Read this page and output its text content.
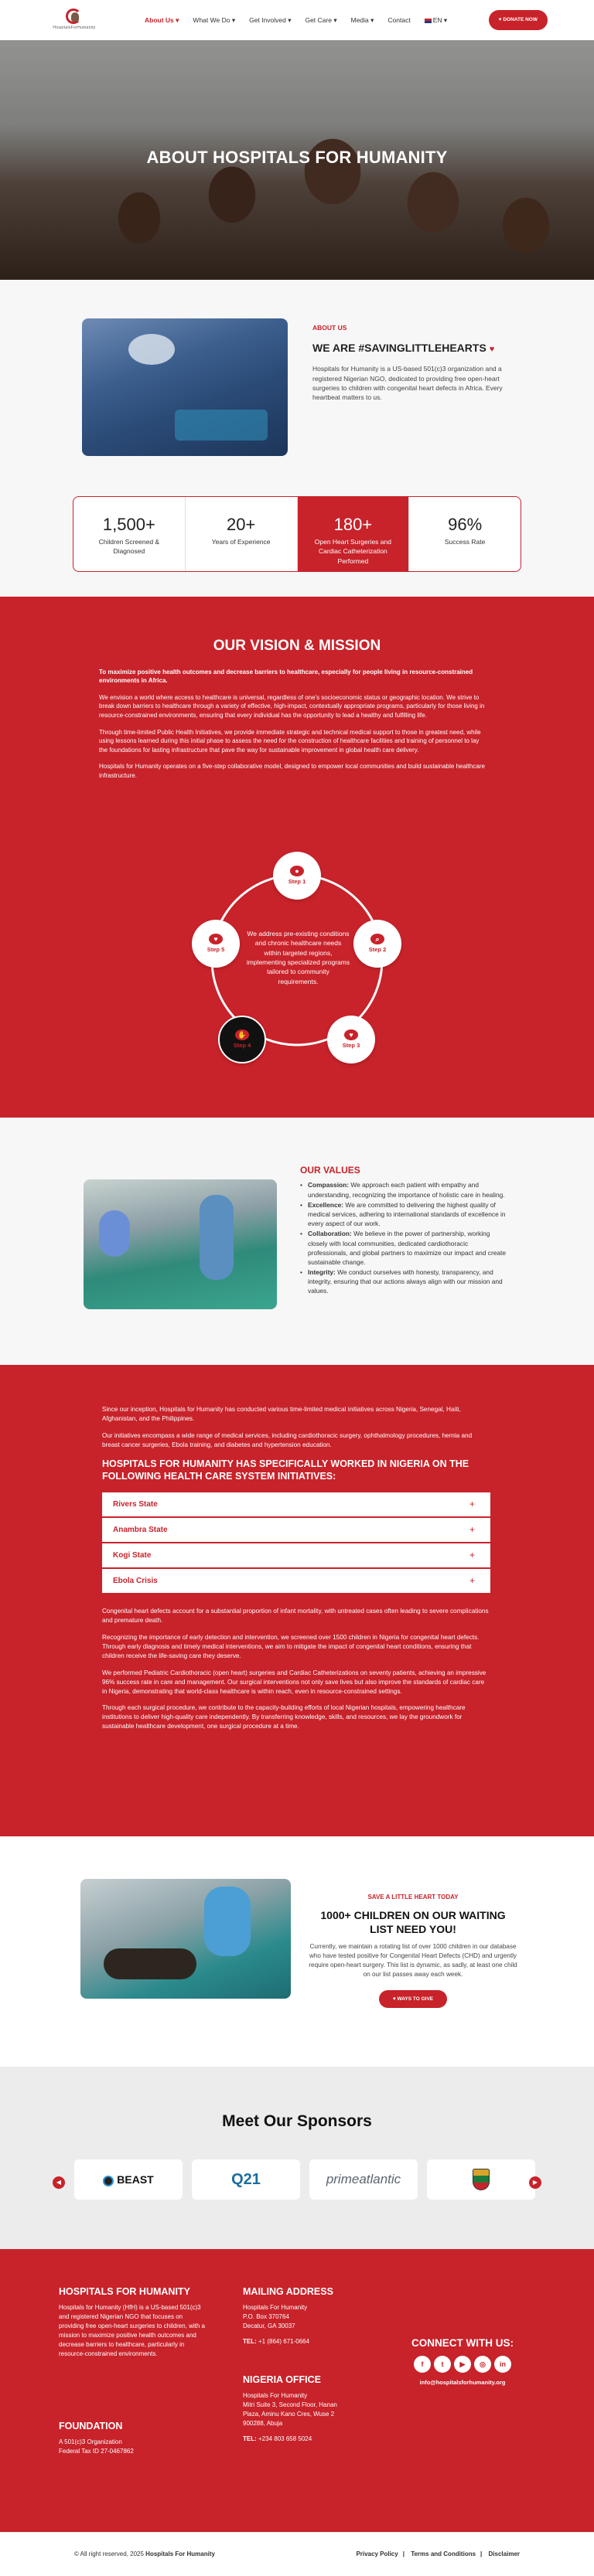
HospitalsForHumanity
About Us ▾	What We Do ▾	Get Involved ▾	Get Care ▾	Media ▾	Contact	EN ▾	♥ DONATE NOW
ABOUT HOSPITALS FOR HUMANITY
ABOUT US
WE ARE #SAVINGLITTLEHEARTS ♥

Hospitals for Humanity is a US-based 501(c)3 organization and a registered Nigerian NGO, dedicated to providing free open-heart surgeries to children with congenital heart defects in Africa. Every heartbeat matters to us.

1,500+
Children Screened & Diagnosed
20+
Years of Experience
180+
Open Heart Surgeries and Cardiac Catheterization Performed
96%
Success Rate
OUR VISION & MISSION

To maximize positive health outcomes and decrease barriers to healthcare, especially for people living in resource-constrained environments in Africa.

We envision a world where access to healthcare is universal, regardless of one's socioeconomic status or geographic location. We strive to break down barriers to healthcare through a variety of effective, high-impact, contextually appropriate programs, particularly for those living in resource-constrained environments, ensuring that every individual has the opportunity to lead a healthy and fulfilling life.

Through time-limited Public Health Initiatives, we provide immediate strategic and technical medical support to those in greatest need, while using lessons learned during this initial phase to assess the need for the construction of healthcare facilities and training of personnel to lay the foundations for lasting infrastructure that pave the way for sustainable improvement in global health care delivery.

Hospitals for Humanity operates on a five-step collaborative model, designed to empower local communities and build sustainable healthcare infrastructure.

We address pre-existing conditions and chronic healthcare needs within targeted regions, implementing specialized programs tailored to community requirements.
●
Step 1
⌕
Step 2
♥
Step 3
✋
Step 4
♥
Step 5
OUR VALUES
• Compassion: We approach each patient with empathy and understanding, recognizing the importance of holistic care in healing.
• Excellence: We are committed to delivering the highest quality of medical services, adhering to international standards of excellence in every aspect of our work.
• Collaboration: We believe in the power of partnership, working closely with local communities, dedicated cardiothoracic professionals, and global partners to maximize our impact and create sustainable change.
• Integrity: We conduct ourselves with honesty, transparency, and integrity, ensuring that our actions always align with our mission and values.

Since our inception, Hospitals for Humanity has conducted various time-limited medical initiatives across Nigeria, Senegal, Haiti, Afghanistan, and the Philippines.

Our initiatives encompass a wide range of medical services, including cardiothoracic surgery, ophthalmology procedures, hernia and breast cancer surgeries, Ebola training, and diabetes and hypertension education.

HOSPITALS FOR HUMANITY HAS SPECIFICALLY WORKED IN NIGERIA ON THE FOLLOWING HEALTH CARE SYSTEM INITIATIVES:
Rivers State	+
Anambra State	+
Kogi State	+
Ebola Crisis	+

Congenital heart defects account for a substantial proportion of infant mortality, with untreated cases often leading to severe complications and premature death.

Recognizing the importance of early detection and intervention, we screened over 1500 children in Nigeria for congenital heart defects. Through early diagnosis and timely medical interventions, we aim to mitigate the impact of congenital heart conditions, ensuring that children receive the life-saving care they deserve.

We performed Pediatric Cardiothoracic (open heart) surgeries and Cardiac Catheterizations on seventy patients, achieving an impressive 96% success rate in care and management. Our surgical interventions not only save lives but also improve the standards of cardiac care in Nigeria, demonstrating that world-class healthcare is within reach, even in resource-constrained settings.

Through each surgical procedure, we contribute to the capacity-building efforts of local Nigerian hospitals, empowering healthcare institutions to deliver high-quality care independently. By transferring knowledge, skills, and resources, we lay the groundwork for sustainable healthcare development, one surgical procedure at a time.

SAVE A LITTLE HEART TODAY
1000+ CHILDREN ON OUR WAITING LIST NEED YOU!

Currently, we maintain a rotating list of over 1000 children in our database who have tested positive for Congenital Heart Defects (CHD) and urgently require open-heart surgery. This list is dynamic, as sadly, at least one child on our list passes away each week.

♥ WAYS TO GIVE
Meet Our Sponsors
◀	BEAST	Q21	primeatlantic	▶
HOSPITALS FOR HUMANITY

Hospitals for Humanity (HfH) is a US-based 501(c)3 and registered Nigerian NGO that focuses on providing free open-heart surgeries to children, with a mission to maximize positive health outcomes and decrease barriers to healthcare, particularly in resource-constrained environments.

FOUNDATION

A 501(c)3 Organization

Federal Tax ID 27-0467862

MAILING ADDRESS

Hospitals For Humanity

P.O. Box 370764

Decatur, GA 30037

TEL: +1 (864) 671-0664

NIGERIA OFFICE

Hospitals For Humanity

Mitri Suite 3, Second Floor, Hanan

Plaza, Aminu Kano Cres, Wuse 2

900288, Abuja

TEL: +234 803 658 5024

CONNECT WITH US:
f	t	▶	◎	in
info@hospitalsforhumanity.org
© All right reserved, 2025 Hospitals For Humanity	Privacy Policy | Terms and Conditions | Disclaimer
